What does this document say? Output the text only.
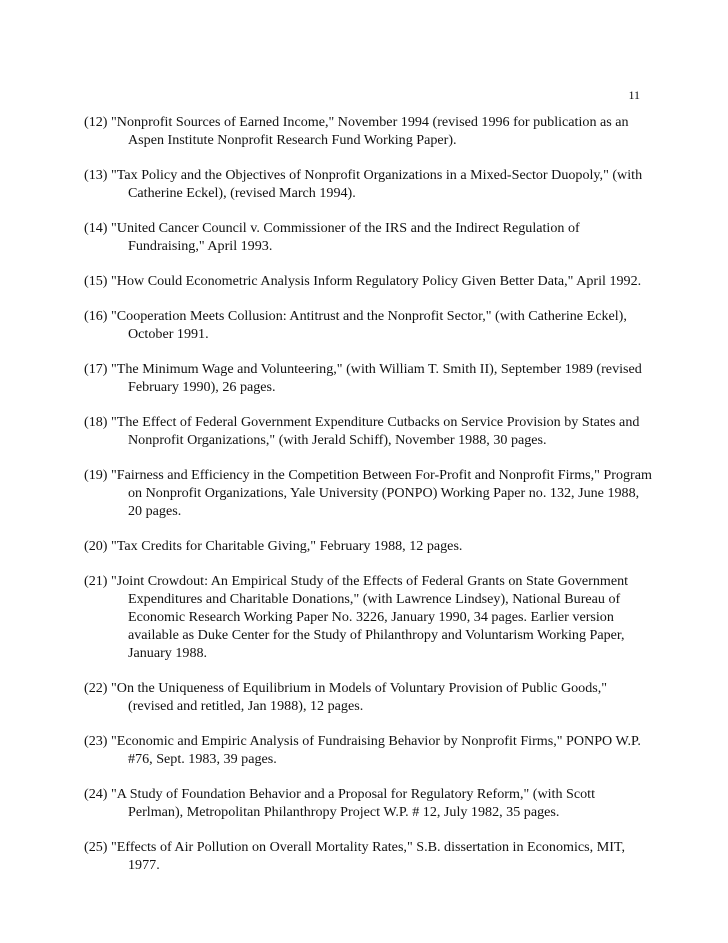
11
(12) "Nonprofit Sources of Earned Income," November 1994 (revised 1996 for publication as an Aspen Institute Nonprofit Research Fund Working Paper).
(13) "Tax Policy and the Objectives of Nonprofit Organizations in a Mixed-Sector Duopoly," (with Catherine Eckel), (revised March 1994).
(14) "United Cancer Council v. Commissioner of the IRS and the Indirect Regulation of Fundraising," April 1993.
(15) "How Could Econometric Analysis Inform Regulatory Policy Given Better Data," April 1992.
(16) "Cooperation Meets Collusion: Antitrust and the Nonprofit Sector," (with Catherine Eckel), October 1991.
(17) "The Minimum Wage and Volunteering," (with William T. Smith II), September 1989 (revised February 1990), 26 pages.
(18) "The Effect of Federal Government Expenditure Cutbacks on Service Provision by States and Nonprofit Organizations," (with Jerald Schiff), November 1988, 30 pages.
(19) "Fairness and Efficiency in the Competition Between For-Profit and Nonprofit Firms," Program on Nonprofit Organizations, Yale University (PONPO) Working Paper no. 132, June 1988, 20 pages.
(20) "Tax Credits for Charitable Giving," February 1988, 12 pages.
(21) "Joint Crowdout: An Empirical Study of the Effects of Federal Grants on State Government Expenditures and Charitable Donations," (with Lawrence Lindsey), National Bureau of Economic Research Working Paper No. 3226, January 1990, 34 pages. Earlier version available as Duke Center for the Study of Philanthropy and Voluntarism Working Paper, January 1988.
(22) "On the Uniqueness of Equilibrium in Models of Voluntary Provision of Public Goods," (revised and retitled, Jan 1988), 12 pages.
(23) "Economic and Empiric Analysis of Fundraising Behavior by Nonprofit Firms," PONPO W.P. #76, Sept. 1983, 39 pages.
(24) "A Study of Foundation Behavior and a Proposal for Regulatory Reform," (with Scott Perlman), Metropolitan Philanthropy Project W.P. # 12, July 1982, 35 pages.
(25) "Effects of Air Pollution on Overall Mortality Rates," S.B. dissertation in Economics, MIT, 1977.
